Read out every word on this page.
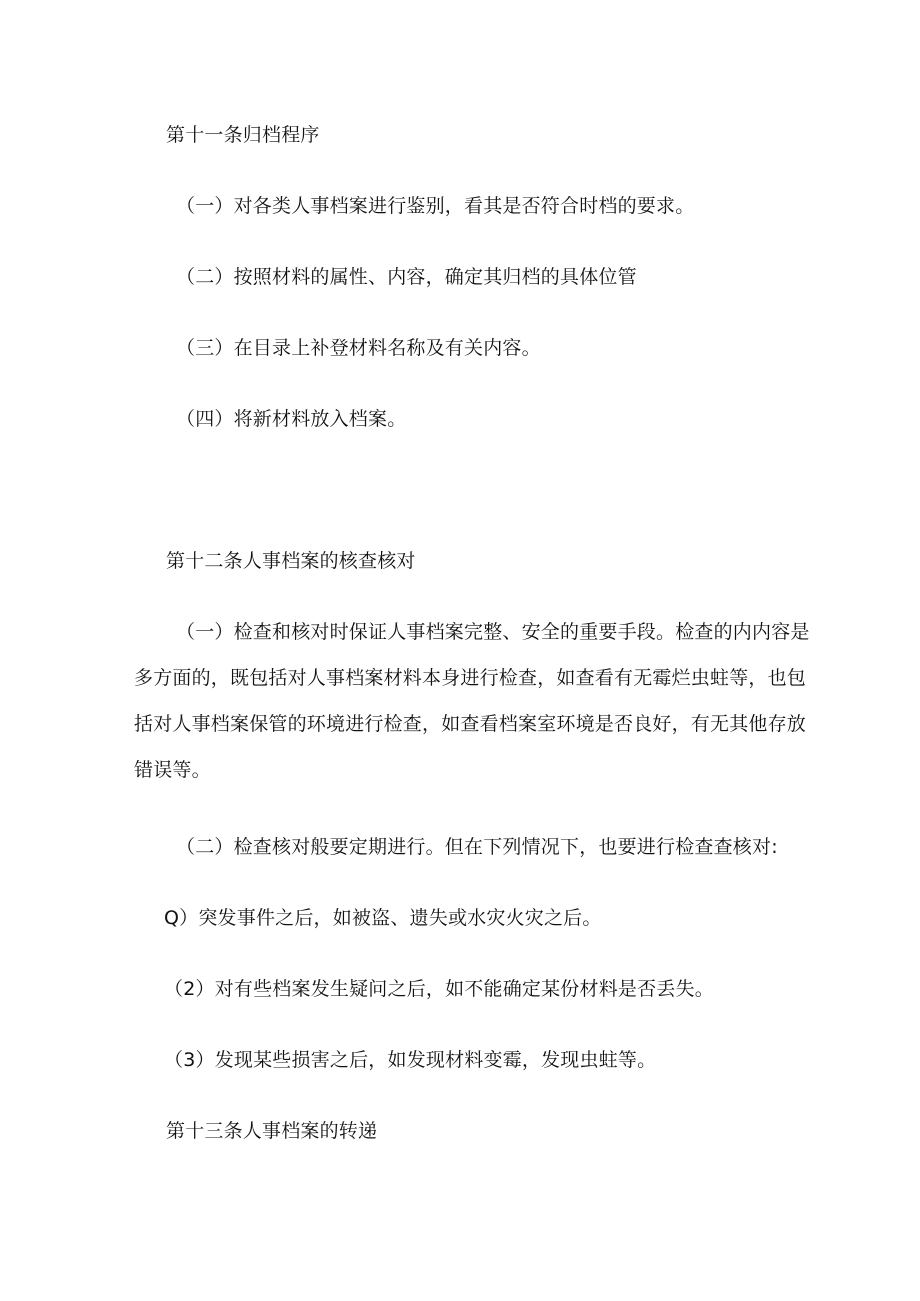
第十一条归档程序
（一）对各类人事档案进行鉴别，看其是否符合时档的要求。
（二）按照材料的属性、内容，确定其归档的具体位管
（三）在目录上补登材料名称及有关内容。
（四）将新材料放入档案。
第十二条人事档案的核查核对
（一）检查和核对时保证人事档案完整、安全的重要手段。检查的内内容是
多方面的，既包括对人事档案材料本身进行检查，如查看有无霉烂虫蛀等，也包
括对人事档案保管的环境进行检查，如查看档案室环境是否良好，有无其他存放
错误等。
（二）检查核对般要定期进行。但在下列情况下，也要进行检查查核对:
Q）突发事件之后，如被盗、遗失或水灾火灾之后。
（2）对有些档案发生疑问之后，如不能确定某份材料是否丢失。
（3）发现某些损害之后，如发现材料变霉，发现虫蛀等。
第十三条人事档案的转递
